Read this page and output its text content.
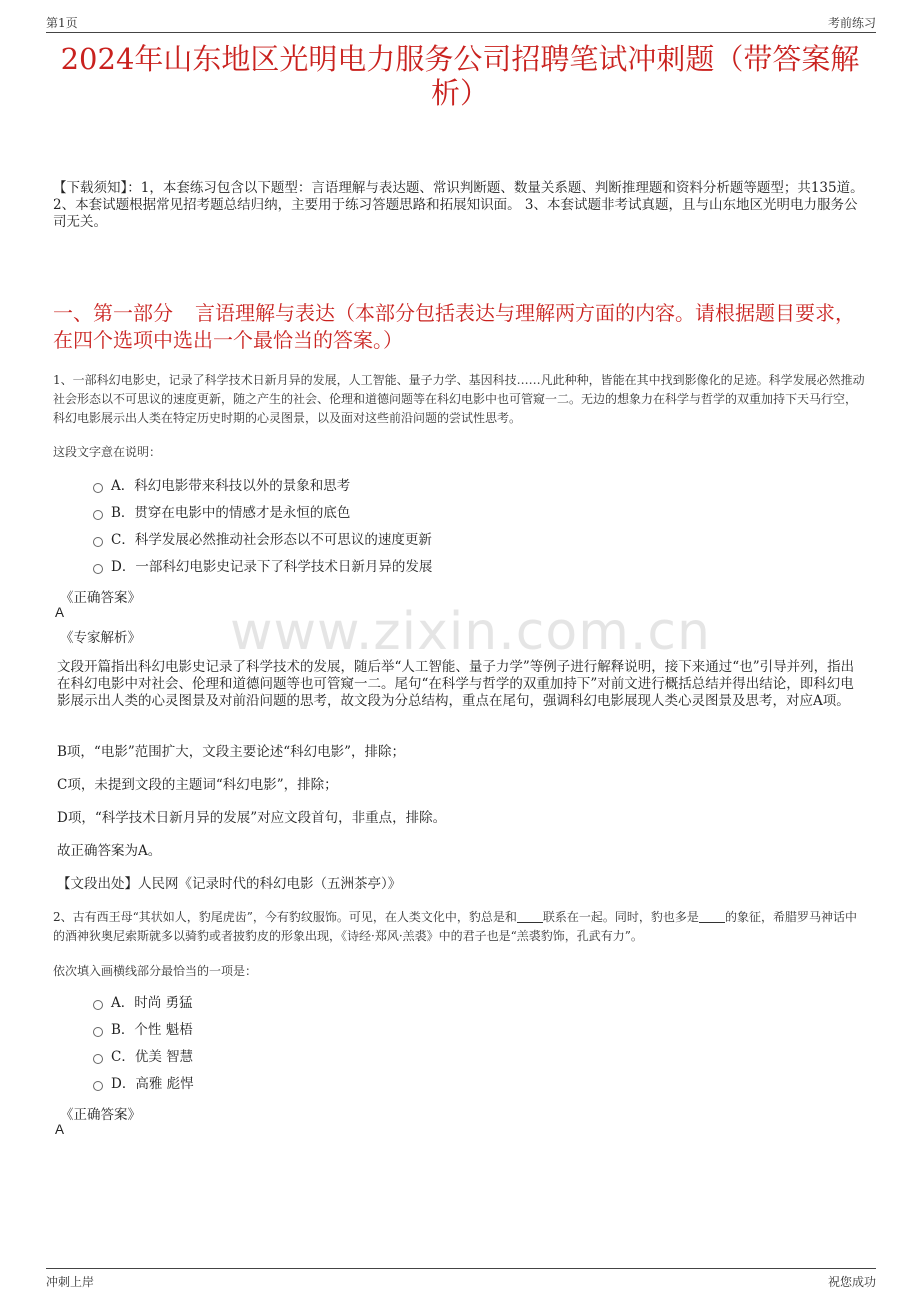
第1页	考前练习
2024年山东地区光明电力服务公司招聘笔试冲刺题（带答案解析）
【下载须知】：1，本套练习包含以下题型：言语理解与表达题、常识判断题、数量关系题、判断推理题和资料分析题等题型；共135道。 2、本套试题根据常见招考题总结归纳，主要用于练习答题思路和拓展知识面。 3、本套试题非考试真题，且与山东地区光明电力服务公司无关。
一、第一部分 言语理解与表达（本部分包括表达与理解两方面的内容。请根据题目要求，在四个选项中选出一个最恰当的答案。）
1、一部科幻电影史，记录了科学技术日新月异的发展，人工智能、量子力学、基因科技……凡此种种，皆能在其中找到影像化的足迹。科学发展必然推动社会形态以不可思议的速度更新，随之产生的社会、伦理和道德问题等在科幻电影中也可管窥一二。无边的想象力在科学与哲学的双重加持下天马行空，科幻电影展示出人类在特定历史时期的心灵图景，以及面对这些前沿问题的尝试性思考。
这段文字意在说明：
A．科幻电影带来科技以外的景象和思考
B．贯穿在电影中的情感才是永恒的底色
C．科学发展必然推动社会形态以不可思议的速度更新
D．一部科幻电影史记录下了科学技术日新月异的发展
《正确答案》
A
《专家解析》 www.zixin.com.cn
文段开篇指出科幻电影史记录了科学技术的发展，随后举“人工智能、量子力学”等例子进行解释说明，接下来通过“也”引导并列，指出在科幻电影中对社会、伦理和道德问题等也可管窥一二。尾句“在科学与哲学的双重加持下”对前文进行概括总结并得出结论，即科幻电影展示出人类的心灵图景及对前沿问题的思考，故文段为分总结构，重点在尾句，强调科幻电影展现人类心灵图景及思考，对应A项。
B项，“电影”范围扩大，文段主要论述“科幻电影”，排除；
C项，未提到文段的主题词“科幻电影”，排除；
D项，“科学技术日新月异的发展”对应文段首句，非重点，排除。
故正确答案为A。
【文段出处】人民网《记录时代的科幻电影（五洲茶亭）》
2、古有西王母“其状如人，豹尾虎齿”，今有豹纹服饰。可见，在人类文化中，豹总是和 联系在一起。同时，豹也多是 的象征，希腊罗马神话中的酒神狄奥尼索斯就多以骑豹或者披豹皮的形象出现，《诗经·郑风·羔裘》中的君子也是“羔裘豹饰，孔武有力”。
依次填入画横线部分最恰当的一项是：
A．时尚 勇猛
B．个性 魁梧
C．优美 智慧
D．高雅 彪悍
《正确答案》
A
冲刺上岸	祝您成功
